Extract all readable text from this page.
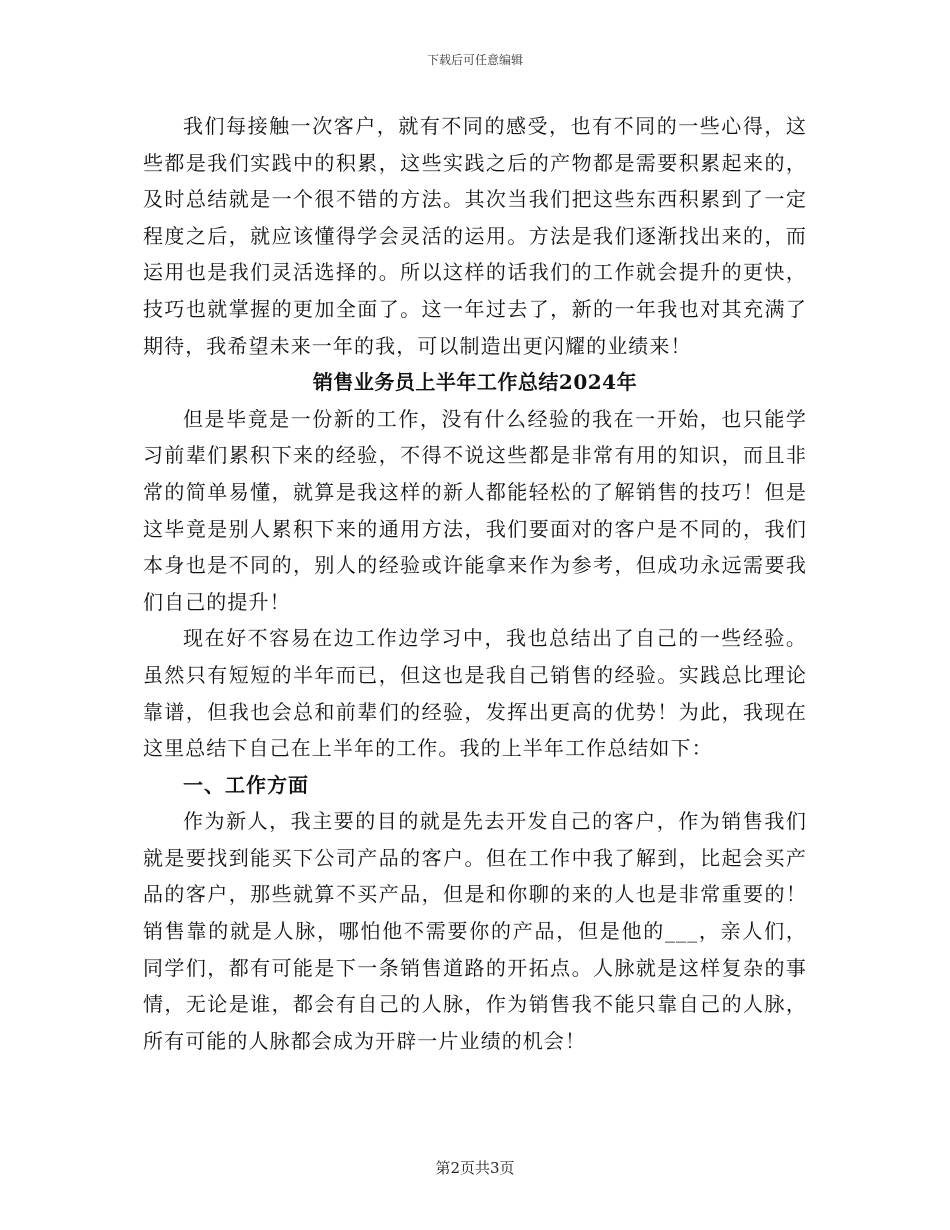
下载后可任意编辑

我们每接触一次客户，就有不同的感受，也有不同的一些心得，这些都是我们实践中的积累，这些实践之后的产物都是需要积累起来的，及时总结就是一个很不错的方法。其次当我们把这些东西积累到了一定程度之后，就应该懂得学会灵活的运用。方法是我们逐渐找出来的，而运用也是我们灵活选择的。所以这样的话我们的工作就会提升的更快，技巧也就掌握的更加全面了。这一年过去了，新的一年我也对其充满了期待，我希望未来一年的我，可以制造出更闪耀的业绩来！

销售业务员上半年工作总结2024年

但是毕竟是一份新的工作，没有什么经验的我在一开始，也只能学习前辈们累积下来的经验，不得不说这些都是非常有用的知识，而且非常的简单易懂，就算是我这样的新人都能轻松的了解销售的技巧！但是这毕竟是别人累积下来的通用方法，我们要面对的客户是不同的，我们本身也是不同的，别人的经验或许能拿来作为参考，但成功永远需要我们自己的提升！

现在好不容易在边工作边学习中，我也总结出了自己的一些经验。虽然只有短短的半年而已，但这也是我自己销售的经验。实践总比理论靠谱，但我也会总和前辈们的经验，发挥出更高的优势！为此，我现在这里总结下自己在上半年的工作。我的上半年工作总结如下：

一、工作方面

作为新人，我主要的目的就是先去开发自己的客户，作为销售我们就是要找到能买下公司产品的客户。但在工作中我了解到，比起会买产品的客户，那些就算不买产品，但是和你聊的来的人也是非常重要的！销售靠的就是人脉，哪怕他不需要你的产品，但是他的___，亲人们，同学们，都有可能是下一条销售道路的开拓点。人脉就是这样复杂的事情，无论是谁，都会有自己的人脉，作为销售我不能只靠自己的人脉，所有可能的人脉都会成为开辟一片业绩的机会！

第2页共3页
